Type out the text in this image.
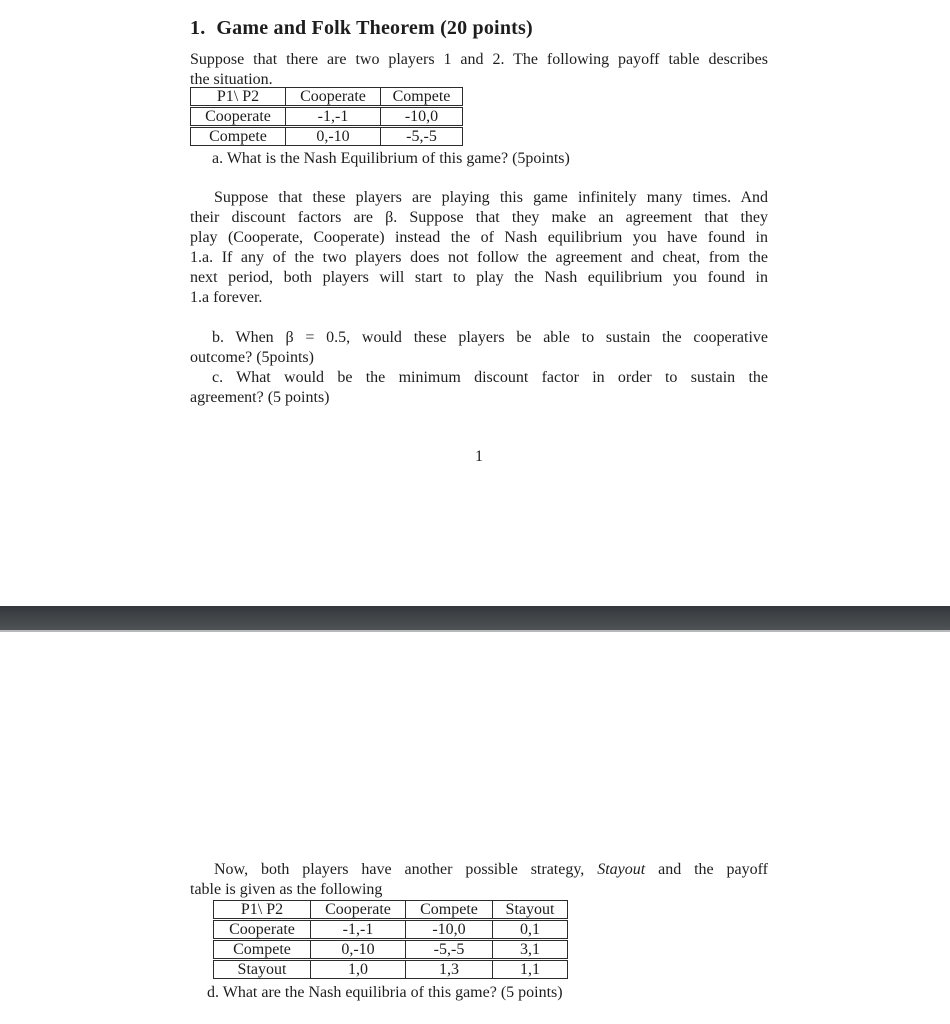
1. Game and Folk Theorem (20 points)
Suppose that there are two players 1 and 2. The following payoff table describes
the situation.
P1\ P2	Cooperate	Compete
Cooperate	-1,-1	-10,0
Compete	0,-10	-5,-5
a. What is the Nash Equilibrium of this game? (5points)
Suppose that these players are playing this game infinitely many times. And
their discount factors are β. Suppose that they make an agreement that they
play (Cooperate, Cooperate) instead the of Nash equilibrium you have found in
1.a. If any of the two players does not follow the agreement and cheat, from the
next period, both players will start to play the Nash equilibrium you found in
1.a forever.
b. When β = 0.5, would these players be able to sustain the cooperative
outcome? (5points)
c. What would be the minimum discount factor in order to sustain the
agreement? (5 points)
1
Now, both players have another possible strategy, Stayout and the payoff
table is given as the following
P1\ P2	Cooperate	Compete	Stayout
Cooperate	-1,-1	-10,0	0,1
Compete	0,-10	-5,-5	3,1
Stayout	1,0	1,3	1,1
d. What are the Nash equilibria of this game? (5 points)
